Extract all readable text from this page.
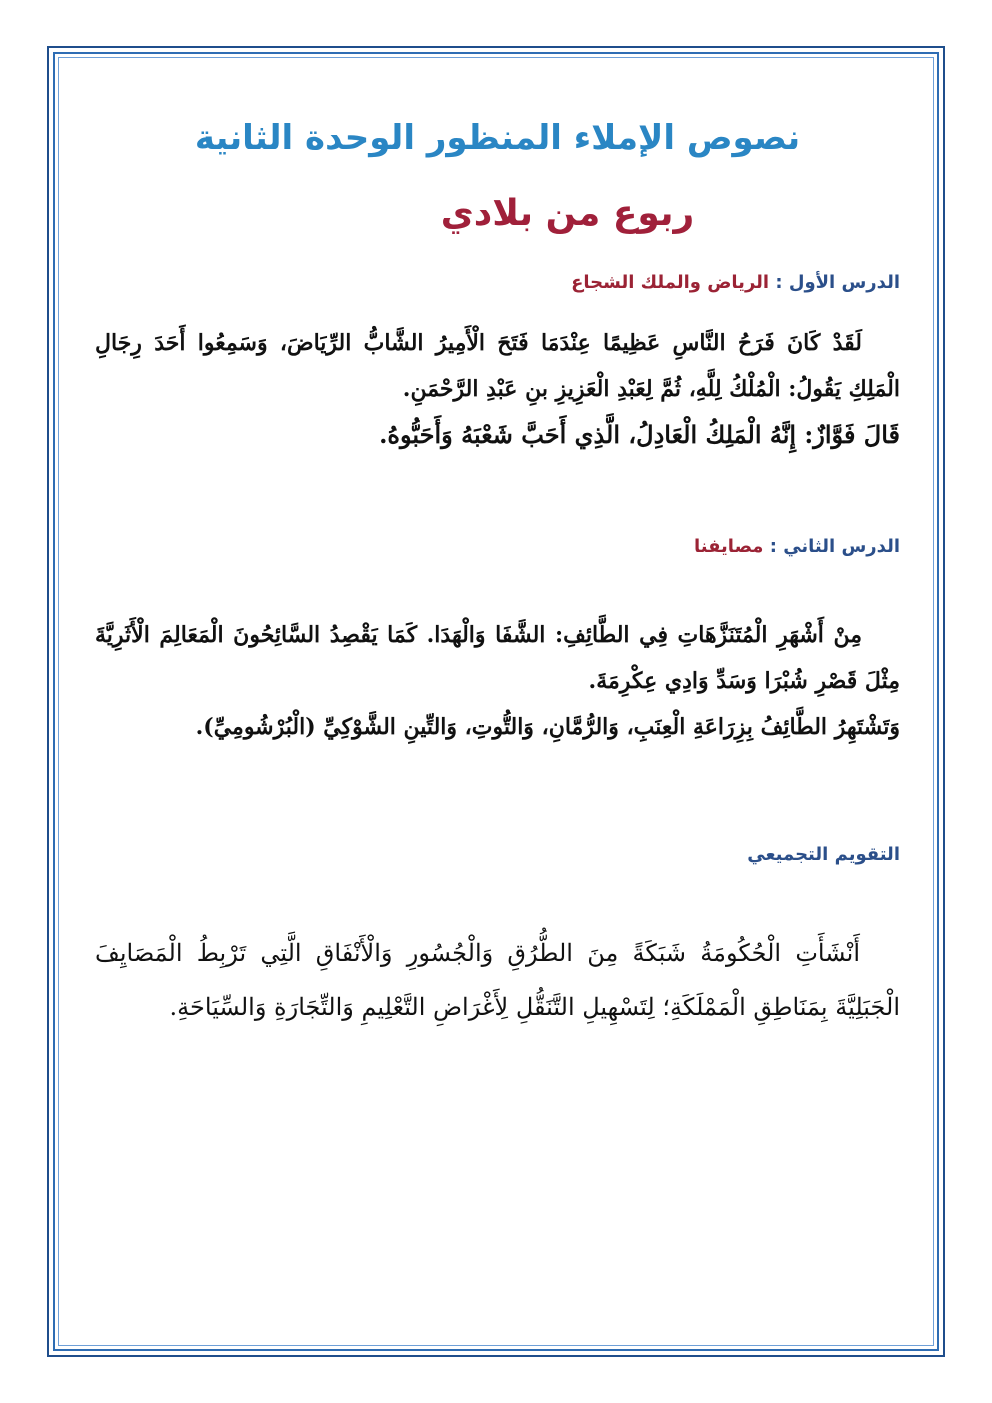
نصوص الإملاء المنظور الوحدة الثانية
ربوع من بلادي

الدرس الأول : الرياض والملك الشجاع

لَقَدْ كَانَ فَرَحُ النَّاسِ عَظِيمًا عِنْدَمَا فَتَحَ الْأَمِيرُ الشَّابُّ الرِّيَاضَ، وَسَمِعُوا أَحَدَ رِجَالِ الْمَلِكِ يَقُولُ: الْمُلْكُ لِلَّهِ، ثُمَّ لِعَبْدِ الْعَزِيزِ بنِ عَبْدِ الرَّحْمَنِ.

قَالَ فَوَّازٌ: إِنَّهُ الْمَلِكُ الْعَادِلُ، الَّذِي أَحَبَّ شَعْبَهُ وَأَحَبُّوهُ.

الدرس الثاني : مصايفنا

مِنْ أَشْهَرِ الْمُتَنَزَّهَاتِ فِي الطَّائِفِ: الشَّفَا وَالْهَدَا. كَمَا يَقْصِدُ السَّائِحُونَ الْمَعَالِمَ الْأَثَرِيَّةَ مِثْلَ قَصْرِ شُبْرَا وَسَدِّ وَادِي عِكْرِمَةَ.

وَتَشْتَهِرُ الطَّائِفُ بِزِرَاعَةِ الْعِنَبِ، وَالرُّمَّانِ، وَالتُّوتِ، وَالتِّينِ الشَّوْكِيِّ (الْبُرْشُومِيِّ).

التقويم التجميعي

أَنْشَأَتِ الْحُكُومَةُ شَبَكَةً مِنَ الطُّرُقِ وَالْجُسُورِ وَالْأَنْفَاقِ الَّتِي تَرْبِطُ الْمَصَايِفَ الْجَبَلِيَّةَ بِمَنَاطِقِ الْمَمْلَكَةِ؛ لِتَسْهِيلِ التَّنَقُّلِ لِأَغْرَاضِ التَّعْلِيمِ وَالتِّجَارَةِ وَالسِّيَاحَةِ.
